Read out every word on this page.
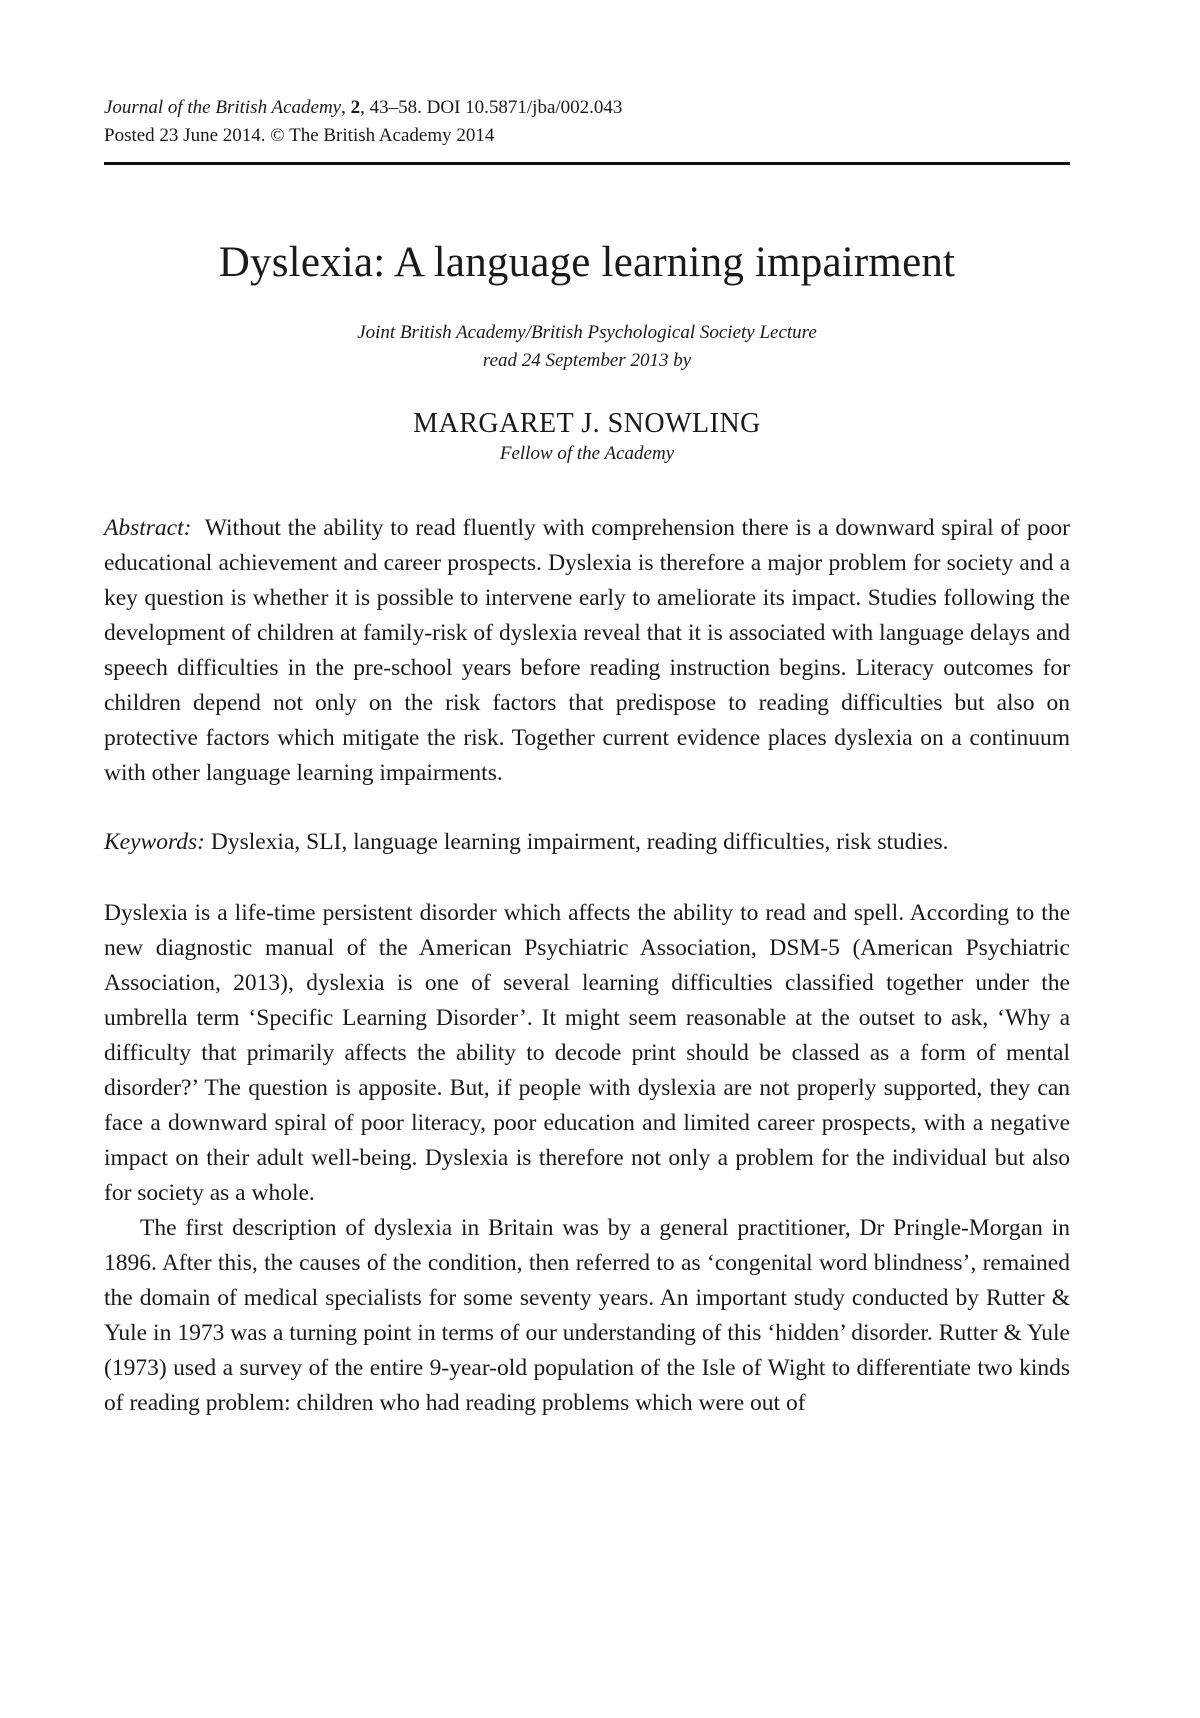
Journal of the British Academy, 2, 43–58. DOI 10.5871/jba/002.043
Posted 23 June 2014. © The British Academy 2014
Dyslexia: A language learning impairment
Joint British Academy/British Psychological Society Lecture
read 24 September 2013 by
MARGARET J. SNOWLING
Fellow of the Academy
Abstract: Without the ability to read fluently with comprehension there is a downward spiral of poor educational achievement and career prospects. Dyslexia is therefore a major problem for society and a key question is whether it is possible to intervene early to ameliorate its impact. Studies following the development of children at family-risk of dyslexia reveal that it is associated with language delays and speech difficulties in the pre-school years before reading instruction begins. Literacy outcomes for children depend not only on the risk factors that predispose to reading difficulties but also on protective factors which mitigate the risk. Together current evidence places dyslexia on a continuum with other language learning impairments.
Keywords: Dyslexia, SLI, language learning impairment, reading difficulties, risk studies.

Dyslexia is a life-time persistent disorder which affects the ability to read and spell. According to the new diagnostic manual of the American Psychiatric Association, DSM-5 (American Psychiatric Association, 2013), dyslexia is one of several learning difficulties classified together under the umbrella term ‘Specific Learning Disorder’. It might seem reasonable at the outset to ask, ‘Why a difficulty that primarily affects the ability to decode print should be classed as a form of mental disorder?’ The question is apposite. But, if people with dyslexia are not properly supported, they can face a downward spiral of poor literacy, poor education and limited career prospects, with a negative impact on their adult well-being. Dyslexia is therefore not only a problem for the individual but also for society as a whole.

The first description of dyslexia in Britain was by a general practitioner, Dr Pringle-Morgan in 1896. After this, the causes of the condition, then referred to as ‘congenital word blindness’, remained the domain of medical specialists for some seventy years. An important study conducted by Rutter & Yule in 1973 was a turning point in terms of our understanding of this ‘hidden’ disorder. Rutter & Yule (1973) used a survey of the entire 9-year-old population of the Isle of Wight to differentiate two kinds of reading problem: children who had reading problems which were out of
